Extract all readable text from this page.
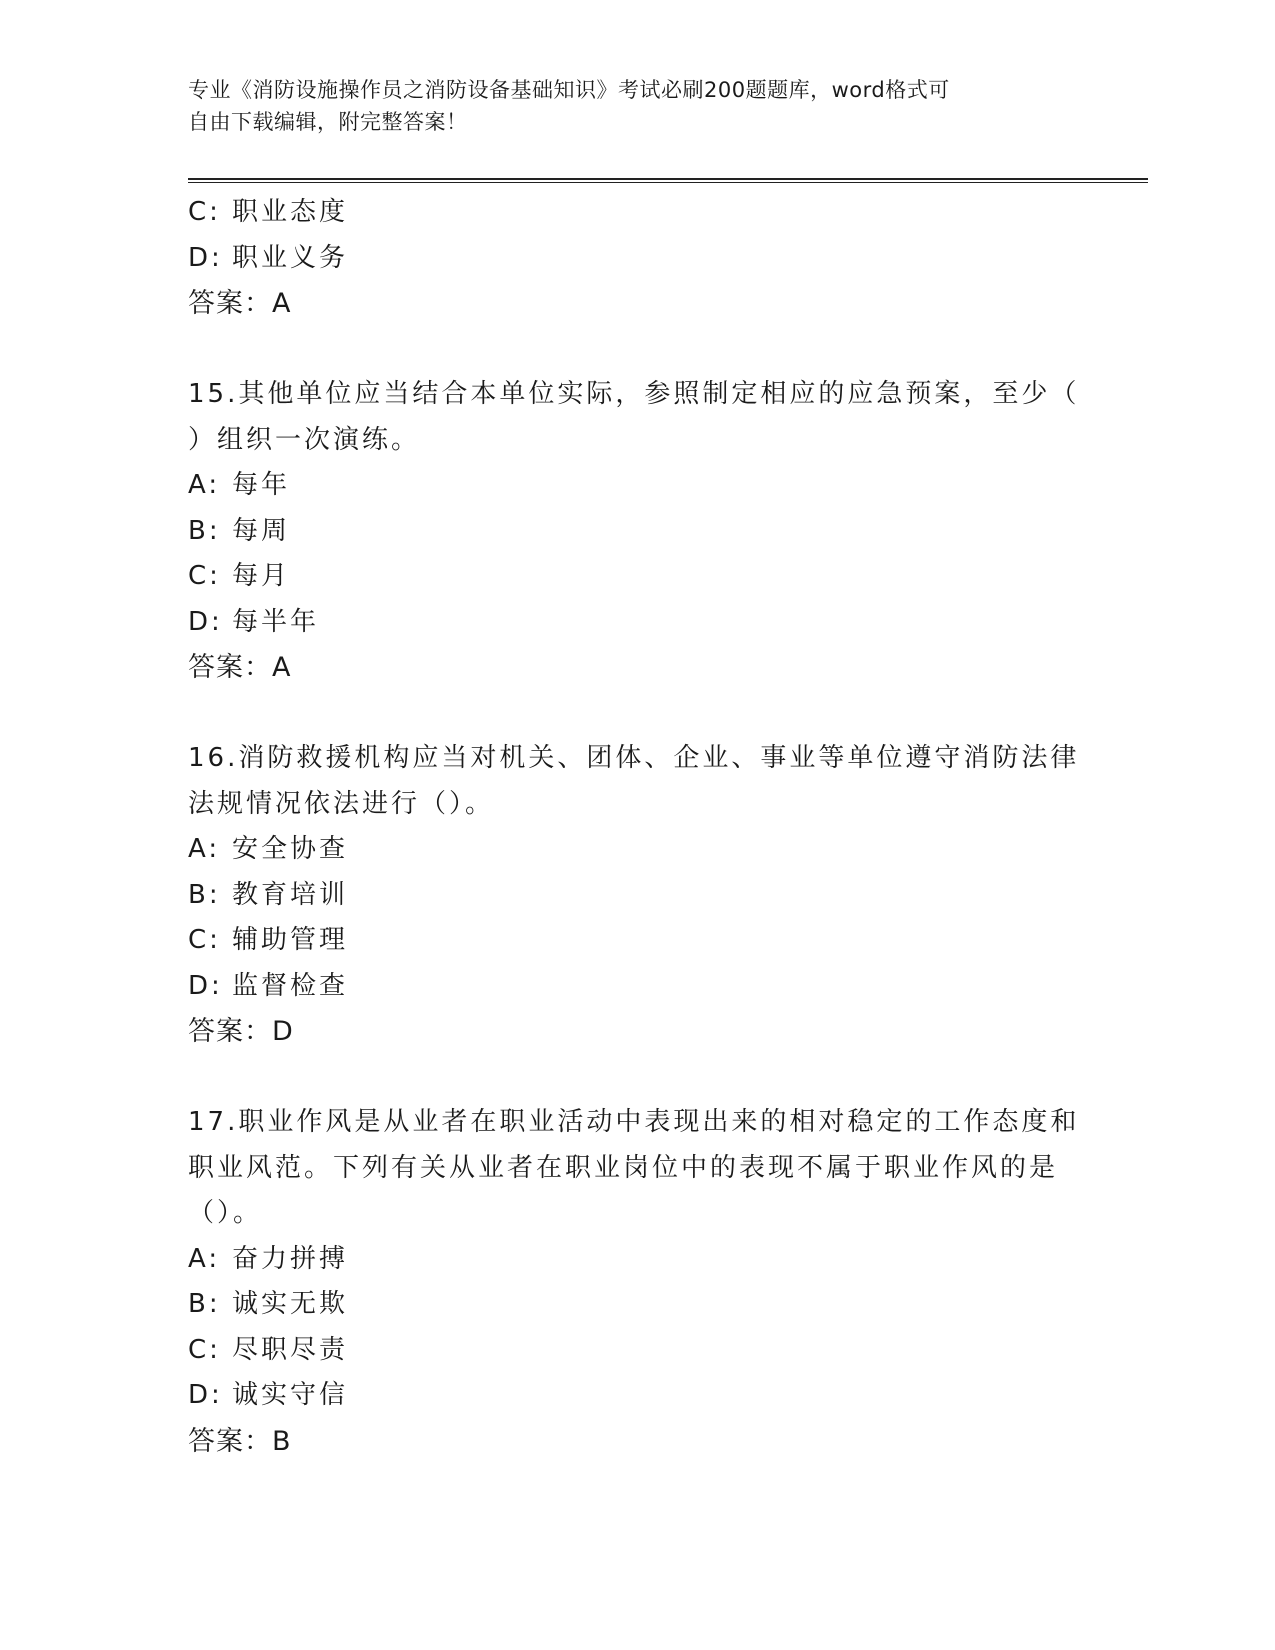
专业《消防设施操作员之消防设备基础知识》考试必刷200题题库，word格式可
自由下载编辑，附完整答案！
C: 职业态度
D: 职业义务
答案：A
15.其他单位应当结合本单位实际，参照制定相应的应急预案，至少（
）组织一次演练。
A: 每年
B: 每周
C: 每月
D: 每半年
答案：A
16.消防救援机构应当对机关、团体、企业、事业等单位遵守消防法律
法规情况依法进行（）。
A: 安全协查
B: 教育培训
C: 辅助管理
D: 监督检查
答案：D
17.职业作风是从业者在职业活动中表现出来的相对稳定的工作态度和
职业风范。下列有关从业者在职业岗位中的表现不属于职业作风的是
（）。
A: 奋力拼搏
B: 诚实无欺
C: 尽职尽责
D: 诚实守信
答案：B
